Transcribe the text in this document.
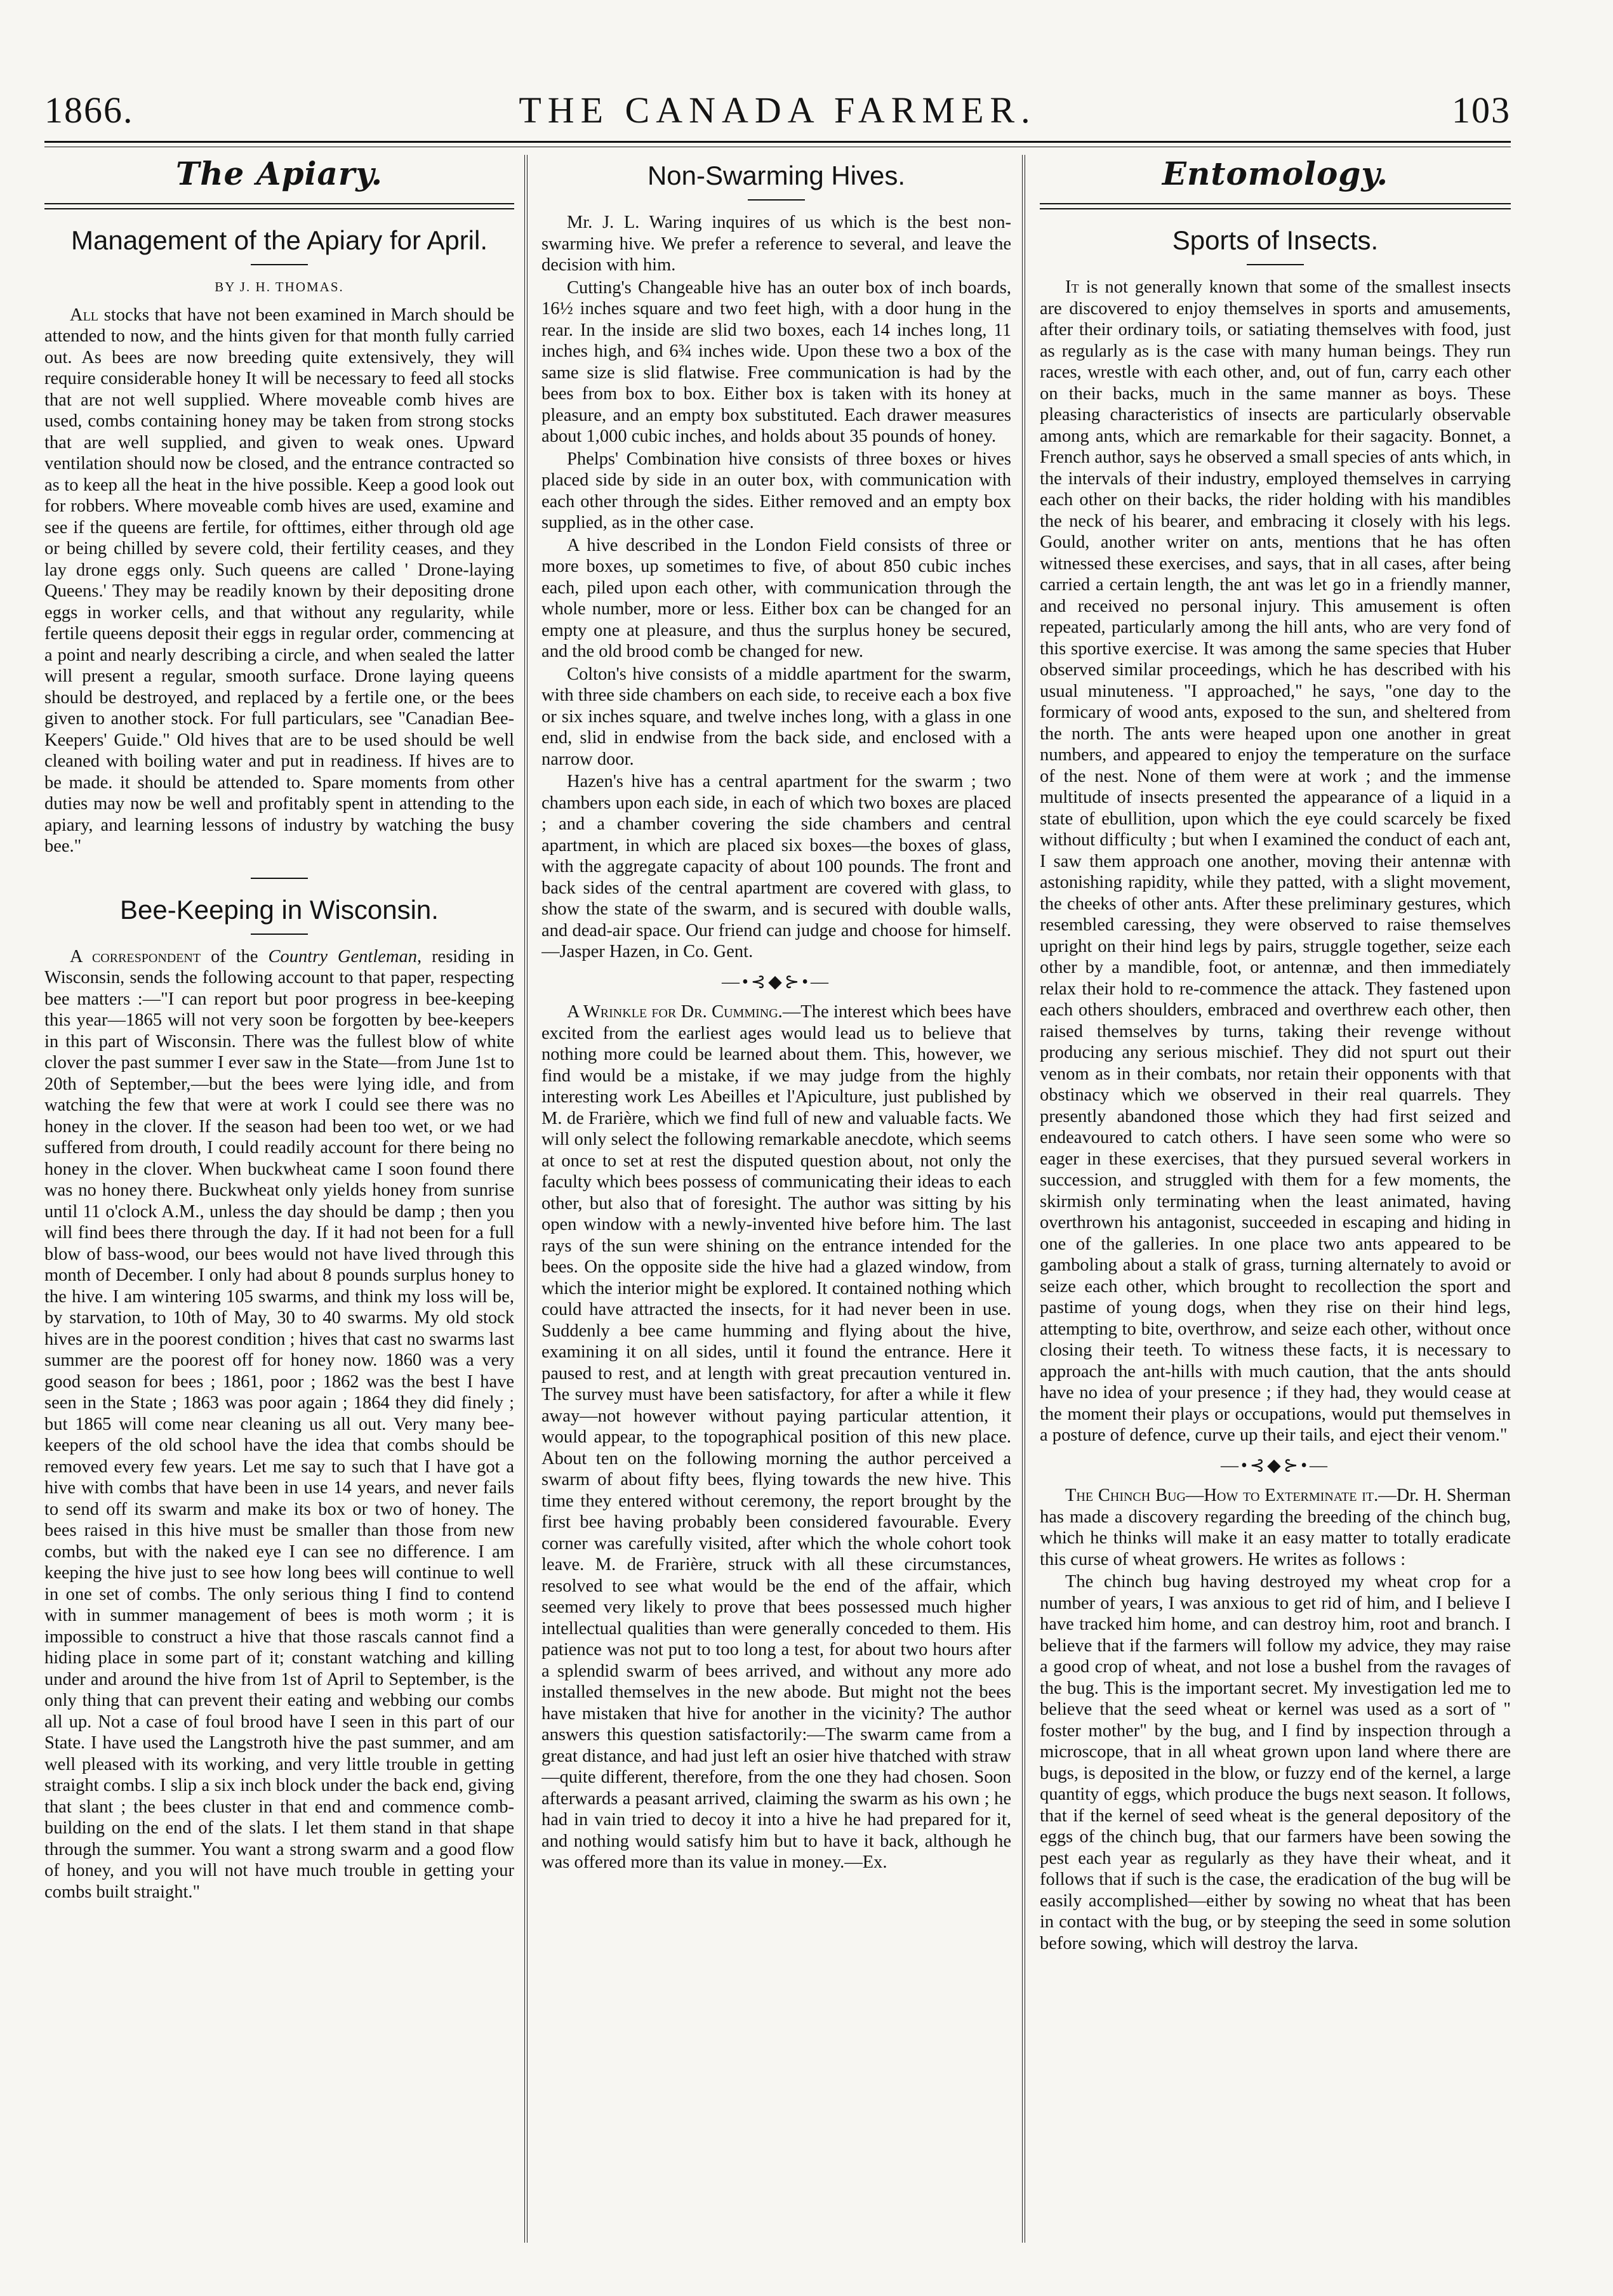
1866.	THE CANADA FARMER.	103
The Apiary.
Management of the Apiary for April.
BY J. H. THOMAS.

All stocks that have not been examined in March should be attended to now, and the hints given for that month fully carried out. As bees are now breeding quite extensively, they will require considerable honey It will be necessary to feed all stocks that are not well supplied. Where moveable comb hives are used, combs containing honey may be taken from strong stocks that are well supplied, and given to weak ones. Upward ventilation should now be closed, and the entrance contracted so as to keep all the heat in the hive possible. Keep a good look out for robbers. Where moveable comb hives are used, examine and see if the queens are fertile, for ofttimes, either through old age or being chilled by severe cold, their fertility ceases, and they lay drone eggs only. Such queens are called ' Drone-laying Queens.' They may be readily known by their depositing drone eggs in worker cells, and that without any regularity, while fertile queens deposit their eggs in regular order, commencing at a point and nearly describing a circle, and when sealed the latter will present a regular, smooth surface. Drone laying queens should be destroyed, and replaced by a fertile one, or the bees given to another stock. For full particulars, see "Canadian Bee-Keepers' Guide." Old hives that are to be used should be well cleaned with boiling water and put in readiness. If hives are to be made. it should be attended to. Spare moments from other duties may now be well and profitably spent in attending to the apiary, and learning lessons of industry by watching the busy bee."

Bee-Keeping in Wisconsin.

A correspondent of the Country Gentleman, residing in Wisconsin, sends the following account to that paper, respecting bee matters :—"I can report but poor progress in bee-keeping this year—1865 will not very soon be forgotten by bee-keepers in this part of Wisconsin. There was the fullest blow of white clover the past summer I ever saw in the State—from June 1st to 20th of September,—but the bees were lying idle, and from watching the few that were at work I could see there was no honey in the clover. If the season had been too wet, or we had suffered from drouth, I could readily account for there being no honey in the clover. When buckwheat came I soon found there was no honey there. Buckwheat only yields honey from sunrise until 11 o'clock A.M., unless the day should be damp ; then you will find bees there through the day. If it had not been for a full blow of bass-wood, our bees would not have lived through this month of December. I only had about 8 pounds surplus honey to the hive. I am wintering 105 swarms, and think my loss will be, by starvation, to 10th of May, 30 to 40 swarms. My old stock hives are in the poorest condition ; hives that cast no swarms last summer are the poorest off for honey now. 1860 was a very good season for bees ; 1861, poor ; 1862 was the best I have seen in the State ; 1863 was poor again ; 1864 they did finely ; but 1865 will come near cleaning us all out. Very many bee-keepers of the old school have the idea that combs should be removed every few years. Let me say to such that I have got a hive with combs that have been in use 14 years, and never fails to send off its swarm and make its box or two of honey. The bees raised in this hive must be smaller than those from new combs, but with the naked eye I can see no difference. I am keeping the hive just to see how long bees will continue to well in one set of combs. The only serious thing I find to contend with in summer management of bees is moth worm ; it is impossible to construct a hive that those rascals cannot find a hiding place in some part of it; constant watching and killing under and around the hive from 1st of April to September, is the only thing that can prevent their eating and webbing our combs all up. Not a case of foul brood have I seen in this part of our State. I have used the Langstroth hive the past summer, and am well pleased with its working, and very little trouble in getting straight combs. I slip a six inch block under the back end, giving that slant ; the bees cluster in that end and commence comb-building on the end of the slats. I let them stand in that shape through the summer. You want a strong swarm and a good flow of honey, and you will not have much trouble in getting your combs built straight."

Non-Swarming Hives.

Mr. J. L. Waring inquires of us which is the best non-swarming hive. We prefer a reference to several, and leave the decision with him.

Cutting's Changeable hive has an outer box of inch boards, 16½ inches square and two feet high, with a door hung in the rear. In the inside are slid two boxes, each 14 inches long, 11 inches high, and 6¾ inches wide. Upon these two a box of the same size is slid flatwise. Free communication is had by the bees from box to box. Either box is taken with its honey at pleasure, and an empty box substituted. Each drawer measures about 1,000 cubic inches, and holds about 35 pounds of honey.

Phelps' Combination hive consists of three boxes or hives placed side by side in an outer box, with communication with each other through the sides. Either removed and an empty box supplied, as in the other case.

A hive described in the London Field consists of three or more boxes, up sometimes to five, of about 850 cubic inches each, piled upon each other, with communication through the whole number, more or less. Either box can be changed for an empty one at pleasure, and thus the surplus honey be secured, and the old brood comb be changed for new.

Colton's hive consists of a middle apartment for the swarm, with three side chambers on each side, to receive each a box five or six inches square, and twelve inches long, with a glass in one end, slid in endwise from the back side, and enclosed with a narrow door.

Hazen's hive has a central apartment for the swarm ; two chambers upon each side, in each of which two boxes are placed ; and a chamber covering the side chambers and central apartment, in which are placed six boxes—the boxes of glass, with the aggregate capacity of about 100 pounds. The front and back sides of the central apartment are covered with glass, to show the state of the swarm, and is secured with double walls, and dead-air space. Our friend can judge and choose for himself.—Jasper Hazen, in Co. Gent.

—•⊰◆⊱•—

A Wrinkle for Dr. Cumming.—The interest which bees have excited from the earliest ages would lead us to believe that nothing more could be learned about them. This, however, we find would be a mistake, if we may judge from the highly interesting work Les Abeilles et l'Apiculture, just published by M. de Frarière, which we find full of new and valuable facts. We will only select the following remarkable anecdote, which seems at once to set at rest the disputed question about, not only the faculty which bees possess of communicating their ideas to each other, but also that of foresight. The author was sitting by his open window with a newly-invented hive before him. The last rays of the sun were shining on the entrance intended for the bees. On the opposite side the hive had a glazed window, from which the interior might be explored. It contained nothing which could have attracted the insects, for it had never been in use. Suddenly a bee came humming and flying about the hive, examining it on all sides, until it found the entrance. Here it paused to rest, and at length with great precaution ventured in. The survey must have been satisfactory, for after a while it flew away—not however without paying particular attention, it would appear, to the topographical position of this new place. About ten on the following morning the author perceived a swarm of about fifty bees, flying towards the new hive. This time they entered without ceremony, the report brought by the first bee having probably been considered favourable. Every corner was carefully visited, after which the whole cohort took leave. M. de Frarière, struck with all these circumstances, resolved to see what would be the end of the affair, which seemed very likely to prove that bees possessed much higher intellectual qualities than were generally conceded to them. His patience was not put to too long a test, for about two hours after a splendid swarm of bees arrived, and without any more ado installed themselves in the new abode. But might not the bees have mistaken that hive for another in the vicinity? The author answers this question satisfactorily:—The swarm came from a great distance, and had just left an osier hive thatched with straw—quite different, therefore, from the one they had chosen. Soon afterwards a peasant arrived, claiming the swarm as his own ; he had in vain tried to decoy it into a hive he had prepared for it, and nothing would satisfy him but to have it back, although he was offered more than its value in money.—Ex.

Entomology.
Sports of Insects.

It is not generally known that some of the smallest insects are discovered to enjoy themselves in sports and amusements, after their ordinary toils, or satiating themselves with food, just as regularly as is the case with many human beings. They run races, wrestle with each other, and, out of fun, carry each other on their backs, much in the same manner as boys. These pleasing characteristics of insects are particularly observable among ants, which are remarkable for their sagacity. Bonnet, a French author, says he observed a small species of ants which, in the intervals of their industry, employed themselves in carrying each other on their backs, the rider holding with his mandibles the neck of his bearer, and embracing it closely with his legs. Gould, another writer on ants, mentions that he has often witnessed these exercises, and says, that in all cases, after being carried a certain length, the ant was let go in a friendly manner, and received no personal injury. This amusement is often repeated, particularly among the hill ants, who are very fond of this sportive exercise. It was among the same species that Huber observed similar proceedings, which he has described with his usual minuteness. "I approached," he says, "one day to the formicary of wood ants, exposed to the sun, and sheltered from the north. The ants were heaped upon one another in great numbers, and appeared to enjoy the temperature on the surface of the nest. None of them were at work ; and the immense multitude of insects presented the appearance of a liquid in a state of ebullition, upon which the eye could scarcely be fixed without difficulty ; but when I examined the conduct of each ant, I saw them approach one another, moving their antennæ with astonishing rapidity, while they patted, with a slight movement, the cheeks of other ants. After these preliminary gestures, which resembled caressing, they were observed to raise themselves upright on their hind legs by pairs, struggle together, seize each other by a mandible, foot, or antennæ, and then immediately relax their hold to re-commence the attack. They fastened upon each others shoulders, embraced and overthrew each other, then raised themselves by turns, taking their revenge without producing any serious mischief. They did not spurt out their venom as in their combats, nor retain their opponents with that obstinacy which we observed in their real quarrels. They presently abandoned those which they had first seized and endeavoured to catch others. I have seen some who were so eager in these exercises, that they pursued several workers in succession, and struggled with them for a few moments, the skirmish only terminating when the least animated, having overthrown his antagonist, succeeded in escaping and hiding in one of the galleries. In one place two ants appeared to be gamboling about a stalk of grass, turning alternately to avoid or seize each other, which brought to recollection the sport and pastime of young dogs, when they rise on their hind legs, attempting to bite, overthrow, and seize each other, without once closing their teeth. To witness these facts, it is necessary to approach the ant-hills with much caution, that the ants should have no idea of your presence ; if they had, they would cease at the moment their plays or occupations, would put themselves in a posture of defence, curve up their tails, and eject their venom."

—•⊰◆⊱•—

The Chinch Bug—How to Exterminate it.—Dr. H. Sherman has made a discovery regarding the breeding of the chinch bug, which he thinks will make it an easy matter to totally eradicate this curse of wheat growers. He writes as follows :

The chinch bug having destroyed my wheat crop for a number of years, I was anxious to get rid of him, and I believe I have tracked him home, and can destroy him, root and branch. I believe that if the farmers will follow my advice, they may raise a good crop of wheat, and not lose a bushel from the ravages of the bug. This is the important secret. My investigation led me to believe that the seed wheat or kernel was used as a sort of " foster mother" by the bug, and I find by inspection through a microscope, that in all wheat grown upon land where there are bugs, is deposited in the blow, or fuzzy end of the kernel, a large quantity of eggs, which produce the bugs next season. It follows, that if the kernel of seed wheat is the general depository of the eggs of the chinch bug, that our farmers have been sowing the pest each year as regularly as they have their wheat, and it follows that if such is the case, the eradication of the bug will be easily accomplished—either by sowing no wheat that has been in contact with the bug, or by steeping the seed in some solution before sowing, which will destroy the larva.
